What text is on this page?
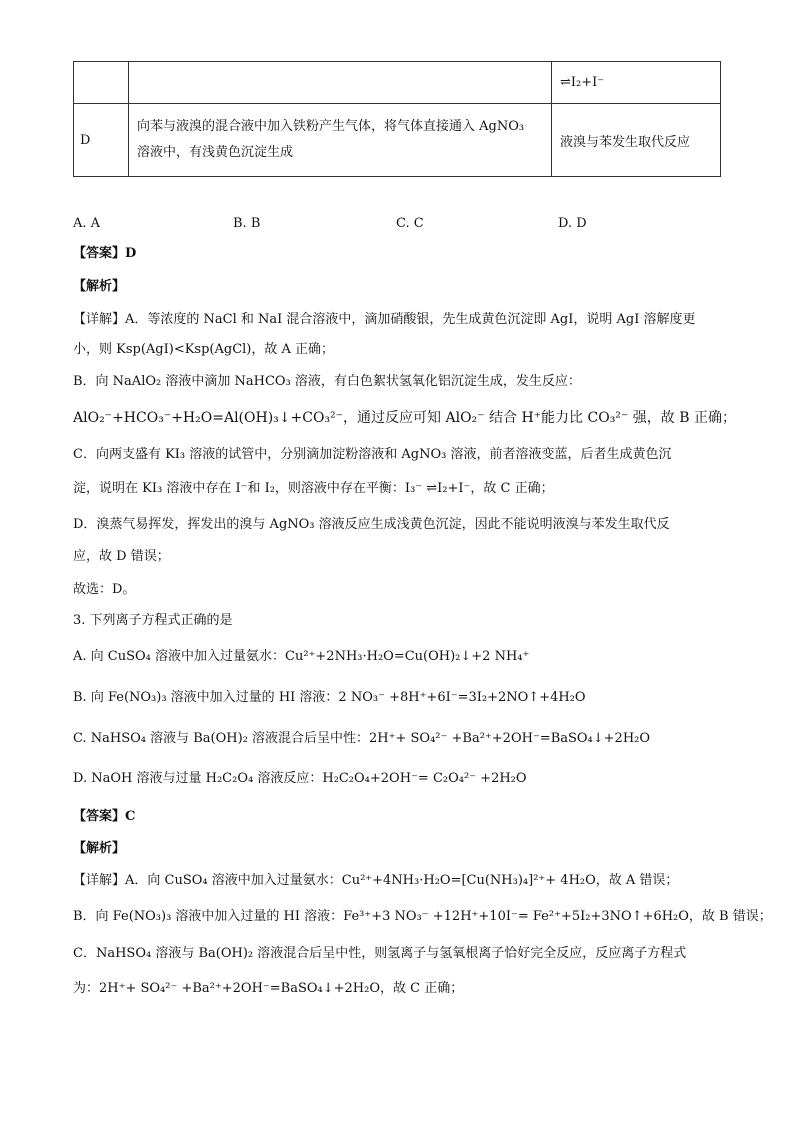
		⇌I₂+I⁻
D	向苯与液溴的混合液中加入铁粉产生气体，将气体直接通入 AgNO₃
溶液中，有浅黄色沉淀生成	液溴与苯发生取代反应
A. A	B. B	C. C	D. D
【答案】D
【解析】
【详解】A．等浓度的 NaCl 和 NaI 混合溶液中，滴加硝酸银，先生成黄色沉淀即 AgI，说明 AgI 溶解度更
小，则 Ksp(AgI)<Ksp(AgCl)，故 A 正确；
B．向 NaAlO₂ 溶液中滴加 NaHCO₃ 溶液，有白色絮状氢氧化铝沉淀生成，发生反应：
AlO₂⁻+HCO₃⁻+H₂O=Al(OH)₃↓+CO₃²⁻，通过反应可知 AlO₂⁻ 结合 H⁺能力比 CO₃²⁻ 强，故 B 正确；
C．向两支盛有 KI₃ 溶液的试管中，分别滴加淀粉溶液和 AgNO₃ 溶液，前者溶液变蓝，后者生成黄色沉
淀，说明在 KI₃ 溶液中存在 I⁻和 I₂，则溶液中存在平衡：I₃⁻ ⇌I₂+I⁻，故 C 正确；
D．溴蒸气易挥发，挥发出的溴与 AgNO₃ 溶液反应生成浅黄色沉淀，因此不能说明液溴与苯发生取代反
应，故 D 错误；
故选：D。
3. 下列离子方程式正确的是
A. 向 CuSO₄ 溶液中加入过量氨水：Cu²⁺+2NH₃·H₂O=Cu(OH)₂↓+2 NH₄⁺
B. 向 Fe(NO₃)₃ 溶液中加入过量的 HI 溶液：2 NO₃⁻ +8H⁺+6I⁻=3I₂+2NO↑+4H₂O
C. NaHSO₄ 溶液与 Ba(OH)₂ 溶液混合后呈中性：2H⁺+ SO₄²⁻ +Ba²⁺+2OH⁻=BaSO₄↓+2H₂O
D. NaOH 溶液与过量 H₂C₂O₄ 溶液反应：H₂C₂O₄+2OH⁻= C₂O₄²⁻ +2H₂O
【答案】C
【解析】
【详解】A．向 CuSO₄ 溶液中加入过量氨水：Cu²⁺+4NH₃·H₂O=[Cu(NH₃)₄]²⁺+ 4H₂O，故 A 错误；
B．向 Fe(NO₃)₃ 溶液中加入过量的 HI 溶液：Fe³⁺+3 NO₃⁻ +12H⁺+10I⁻= Fe²⁺+5I₂+3NO↑+6H₂O，故 B 错误；
C．NaHSO₄ 溶液与 Ba(OH)₂ 溶液混合后呈中性，则氢离子与氢氧根离子恰好完全反应，反应离子方程式
为：2H⁺+ SO₄²⁻ +Ba²⁺+2OH⁻=BaSO₄↓+2H₂O，故 C 正确；
